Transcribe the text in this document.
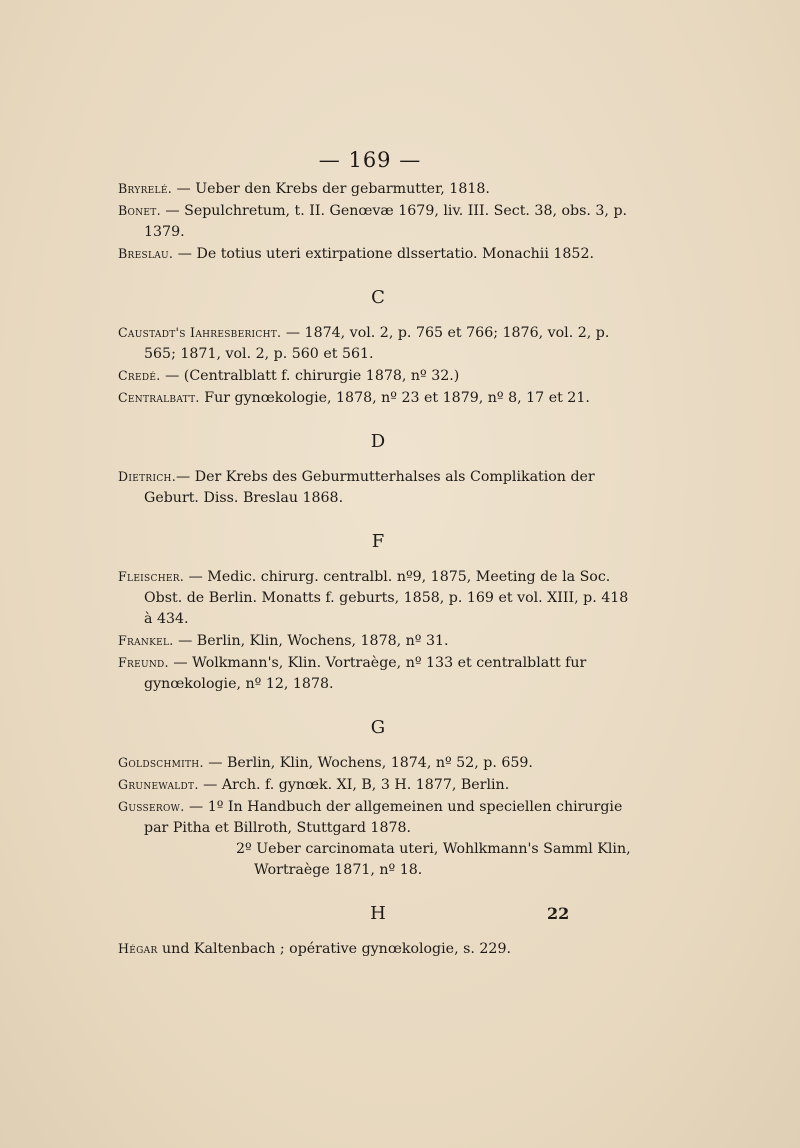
— 169 —

Bryrelé. — Ueber den Krebs der gebarmutter, 1818.

Bonet. — Sepulchretum, t. II. Genœvæ 1679, liv. III. Sect. 38, obs. 3, p. 1379.

Breslau. — De totius uteri extirpatione dlssertatio. Monachii 1852.

C

Caustadt's Iahresbericht. — 1874, vol. 2, p. 765 et 766; 1876, vol. 2, p. 565; 1871, vol. 2, p. 560 et 561.

Credé. — (Centralblatt f. chirurgie 1878, nº 32.)

Centralbatt. Fur gynœkologie, 1878, nº 23 et 1879, nº 8, 17 et 21.

D

Dietrich.— Der Krebs des Geburmutterhalses als Complikation der Geburt. Diss. Breslau 1868.

F

Fleischer. — Medic. chirurg. centralbl. nº9, 1875, Meeting de la Soc. Obst. de Berlin. Monatts f. geburts, 1858, p. 169 et vol. XIII, p. 418 à 434.

Frankel. — Berlin, Klin, Wochens, 1878, nº 31.

Freund. — Wolkmann's, Klin. Vortraège, nº 133 et centralblatt fur gynœkologie, nº 12, 1878.

G

Goldschmith. — Berlin, Klin, Wochens, 1874, nº 52, p. 659.

Grunewaldt. — Arch. f. gynœk. XI, B, 3 H. 1877, Berlin.

Gusserow. — 1º In Handbuch der allgemeinen und speciellen chirurgie par Pitha et Billroth, Stuttgard 1878.
2º Ueber carcinomata uteri, Wohlkmann's Samml Klin, Wortraège 1871, nº 18.

H

Hégar und Kaltenbach ; opérative gynœkologie, s. 229.

22
